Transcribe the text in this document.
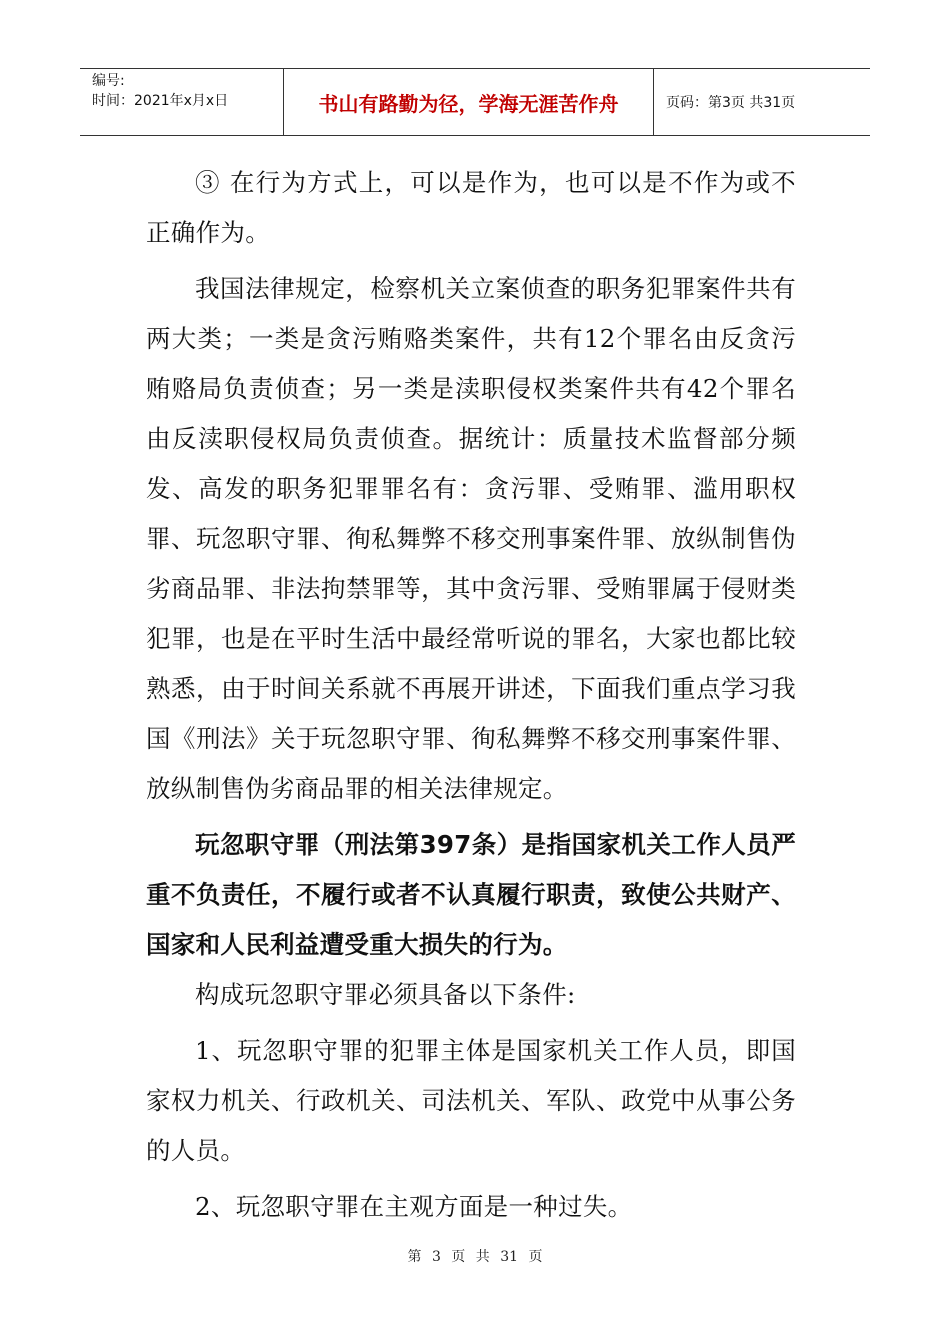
编号:
时间：2021年x月x日	书山有路勤为径，学海无涯苦作舟	页码：第3页 共31页

③ 在行为方式上，可以是作为，也可以是不作为或不正确作为。

我国法律规定，检察机关立案侦查的职务犯罪案件共有两大类；一类是贪污贿赂类案件，共有12个罪名由反贪污贿赂局负责侦查；另一类是渎职侵权类案件共有42个罪名由反渎职侵权局负责侦查。据统计：质量技术监督部分频发、高发的职务犯罪罪名有：贪污罪、受贿罪、滥用职权罪、玩忽职守罪、徇私舞弊不移交刑事案件罪、放纵制售伪劣商品罪、非法拘禁罪等，其中贪污罪、受贿罪属于侵财类犯罪，也是在平时生活中最经常听说的罪名，大家也都比较熟悉，由于时间关系就不再展开讲述，下面我们重点学习我国《刑法》关于玩忽职守罪、徇私舞弊不移交刑事案件罪、放纵制售伪劣商品罪的相关法律规定。

玩忽职守罪（刑法第397条）是指国家机关工作人员严重不负责任，不履行或者不认真履行职责，致使公共财产、国家和人民利益遭受重大损失的行为。

构成玩忽职守罪必须具备以下条件:

1、玩忽职守罪的犯罪主体是国家机关工作人员，即国家权力机关、行政机关、司法机关、军队、政党中从事公务的人员。

2、玩忽职守罪在主观方面是一种过失。

第 3 页 共 31 页
